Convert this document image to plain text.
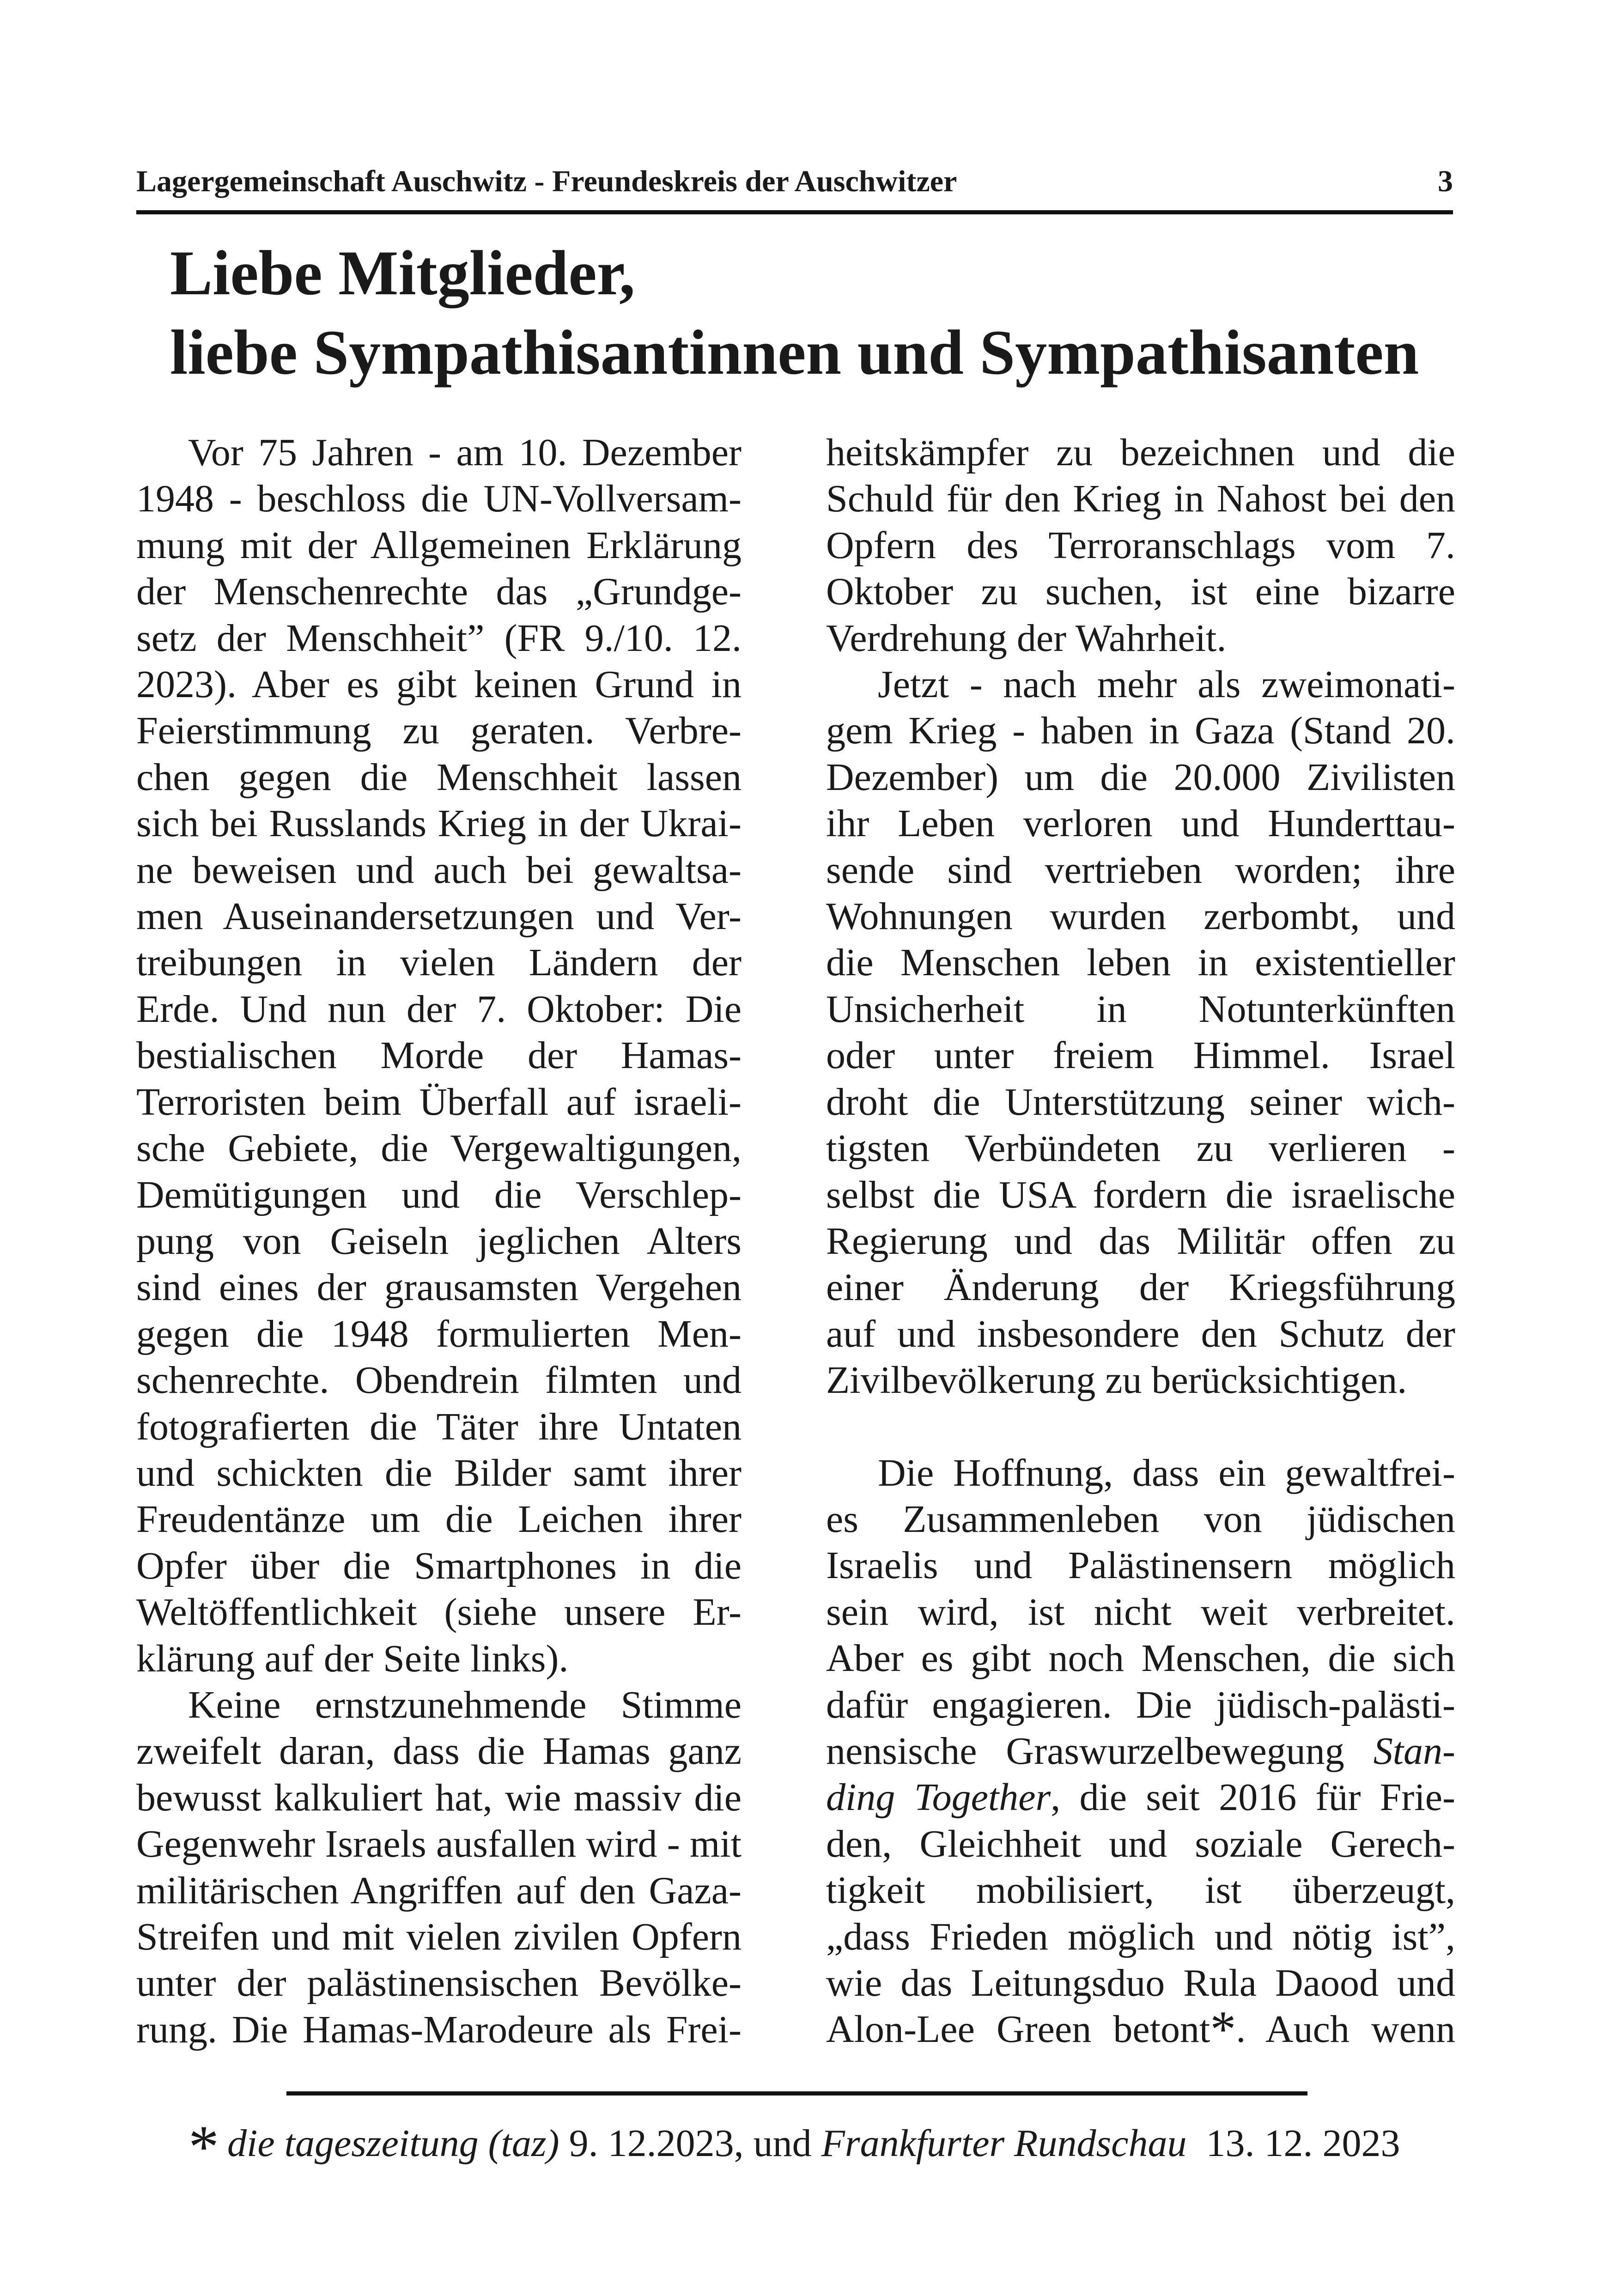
Lagergemeinschaft Auschwitz - Freundeskreis der Auschwitzer	3
Liebe Mitglieder,
liebe Sympathisantinnen und Sympathisanten

Vor 75 Jahren - am 10. Dezember
1948 - beschloss die UN-Vollversam-
mung mit der Allgemeinen Erklärung
der Menschenrechte das „Grundge-
setz der Menschheit” (FR 9./10. 12.
2023). Aber es gibt keinen Grund in
Feierstimmung zu geraten. Verbre-
chen gegen die Menschheit lassen
sich bei Russlands Krieg in der Ukrai-
ne beweisen und auch bei gewaltsa-
men Auseinandersetzungen und Ver-
treibungen in vielen Ländern der
Erde. Und nun der 7. Oktober: Die
bestialischen Morde der Hamas-
Terroristen beim Überfall auf israeli-
sche Gebiete, die Vergewaltigungen,
Demütigungen und die Verschlep-
pung von Geiseln jeglichen Alters
sind eines der grausamsten Vergehen
gegen die 1948 formulierten Men-
schenrechte. Obendrein filmten und
fotografierten die Täter ihre Untaten
und schickten die Bilder samt ihrer
Freudentänze um die Leichen ihrer
Opfer über die Smartphones in die
Weltöffentlichkeit (siehe unsere Er-
klärung auf der Seite links).

Keine ernstzunehmende Stimme
zweifelt daran, dass die Hamas ganz
bewusst kalkuliert hat, wie massiv die
Gegenwehr Israels ausfallen wird - mit
militärischen Angriffen auf den Gaza-
Streifen und mit vielen zivilen Opfern
unter der palästinensischen Bevölke-
rung. Die Hamas-Marodeure als Frei-

heitskämpfer zu bezeichnen und die
Schuld für den Krieg in Nahost bei den
Opfern des Terroranschlags vom 7.
Oktober zu suchen, ist eine bizarre
Verdrehung der Wahrheit.

Jetzt - nach mehr als zweimonati-
gem Krieg - haben in Gaza (Stand 20.
Dezember) um die 20.000 Zivilisten
ihr Leben verloren und Hunderttau-
sende sind vertrieben worden; ihre
Wohnungen wurden zerbombt, und
die Menschen leben in existentieller
Unsicherheit in Notunterkünften
oder unter freiem Himmel. Israel
droht die Unterstützung seiner wich-
tigsten Verbündeten zu verlieren -
selbst die USA fordern die israelische
Regierung und das Militär offen zu
einer Änderung der Kriegsführung
auf und insbesondere den Schutz der
Zivilbevölkerung zu berücksichtigen.

Die Hoffnung, dass ein gewaltfrei-
es Zusammenleben von jüdischen
Israelis und Palästinensern möglich
sein wird, ist nicht weit verbreitet.
Aber es gibt noch Menschen, die sich
dafür engagieren. Die jüdisch-palästi-
nensische Graswurzelbewegung Stan-
ding Together, die seit 2016 für Frie-
den, Gleichheit und soziale Gerech-
tigkeit mobilisiert, ist überzeugt,
„dass Frieden möglich und nötig ist”,
wie das Leitungsduo Rula Daood und
Alon-Lee Green betont*. Auch wenn

* die tageszeitung (taz) 9. 12.2023, und Frankfurter Rundschau  13. 12. 2023
